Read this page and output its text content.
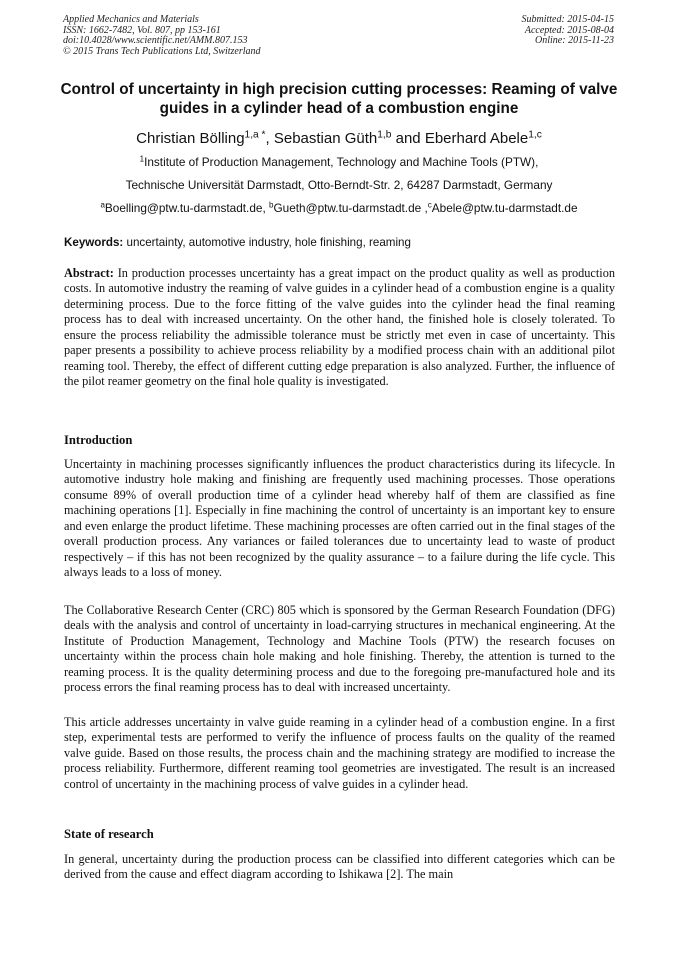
Applied Mechanics and Materials
ISSN: 1662-7482, Vol. 807, pp 153-161
doi:10.4028/www.scientific.net/AMM.807.153
© 2015 Trans Tech Publications Ltd, Switzerland
Submitted: 2015-04-15
Accepted: 2015-08-04
Online: 2015-11-23
Control of uncertainty in high precision cutting processes: Reaming of valve guides in a cylinder head of a combustion engine
Christian Bölling$^{1,a *}$, Sebastian Güth$^{1,b}$ and Eberhard Abele$^{1,c}$
$^1$Institute of Production Management, Technology and Machine Tools (PTW),
Technische Universität Darmstadt, Otto-Berndt-Str. 2, 64287 Darmstadt, Germany
$^a$Boelling@ptw.tu-darmstadt.de, $^b$Gueth@ptw.tu-darmstadt.de ,$^c$Abele@ptw.tu-darmstadt.de
Keywords: uncertainty, automotive industry, hole finishing, reaming

Abstract: In production processes uncertainty has a great impact on the product quality as well as production costs. In automotive industry the reaming of valve guides in a cylinder head of a combustion engine is a quality determining process. Due to the force fitting of the valve guides into the cylinder head the final reaming process has to deal with increased uncertainty. On the other hand, the finished hole is closely tolerated. To ensure the process reliability the admissible tolerance must be strictly met even in case of uncertainty. This paper presents a possibility to achieve process reliability by a modified process chain with an additional pilot reaming tool. Thereby, the effect of different cutting edge preparation is also analyzed. Further, the influence of the pilot reamer geometry on the final hole quality is investigated.

Introduction

Uncertainty in machining processes significantly influences the product characteristics during its lifecycle. In automotive industry hole making and finishing are frequently used machining processes. Those operations consume 89% of overall production time of a cylinder head whereby half of them are classified as fine machining operations [1]. Especially in fine machining the control of uncertainty is an important key to ensure and even enlarge the product lifetime. These machining processes are often carried out in the final stages of the overall production process. Any variances or failed tolerances due to uncertainty lead to waste of product respectively – if this has not been recognized by the quality assurance – to a failure during the life cycle. This always leads to a loss of money.

The Collaborative Research Center (CRC) 805 which is sponsored by the German Research Foundation (DFG) deals with the analysis and control of uncertainty in load-carrying structures in mechanical engineering. At the Institute of Production Management, Technology and Machine Tools (PTW) the research focuses on uncertainty within the process chain hole making and hole finishing. Thereby, the attention is turned to the reaming process. It is the quality determining process and due to the foregoing pre-manufactured hole and its process errors the final reaming process has to deal with increased uncertainty.

This article addresses uncertainty in valve guide reaming in a cylinder head of a combustion engine. In a first step, experimental tests are performed to verify the influence of process faults on the quality of the reamed valve guide. Based on those results, the process chain and the machining strategy are modified to increase the process reliability. Furthermore, different reaming tool geometries are investigated. The result is an increased control of uncertainty in the machining process of valve guides in a cylinder head.

State of research

In general, uncertainty during the production process can be classified into different categories which can be derived from the cause and effect diagram according to Ishikawa [2]. The main
